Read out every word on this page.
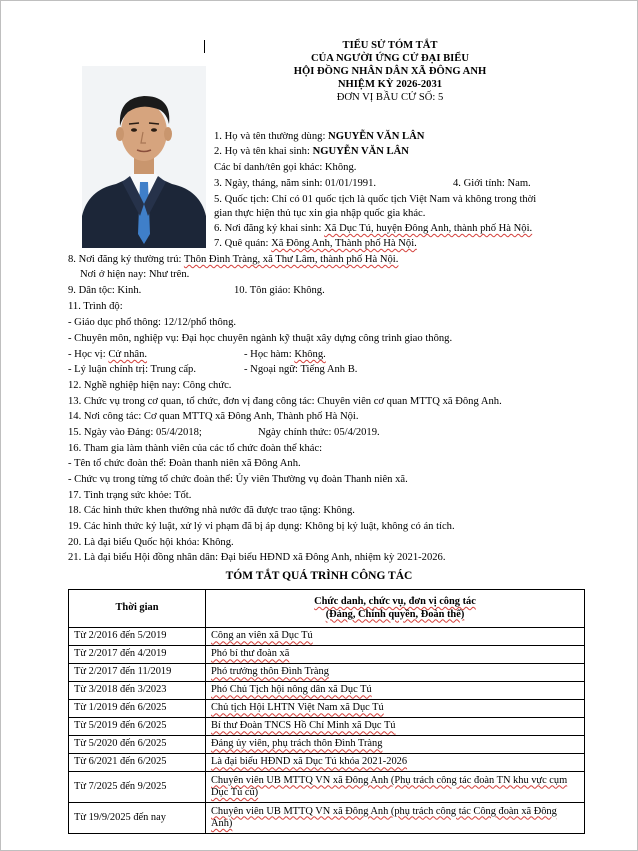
TIỂU SỬ TÓM TẮT
CỦA NGƯỜI ỨNG CỬ ĐẠI BIỂU
HỘI ĐỒNG NHÂN DÂN XÃ ĐÔNG ANH
NHIỆM KỲ 2026-2031
ĐƠN VỊ BẦU CỬ SỐ: 5
1. Họ và tên thường dùng: NGUYỄN VĂN LÂN
2. Họ và tên khai sinh: NGUYỄN VĂN LÂN
Các bí danh/tên gọi khác: Không.
3. Ngày, tháng, năm sinh: 01/01/1991.	4. Giới tính: Nam.
5. Quốc tịch: Chỉ có 01 quốc tịch là quốc tịch Việt Nam và không trong thời
gian thực hiện thủ tục xin gia nhập quốc gia khác.
6. Nơi đăng ký khai sinh: Xã Dục Tú, huyện Đông Anh, thành phố Hà Nội.
7. Quê quán: Xã Đông Anh, Thành phố Hà Nội.
8. Nơi đăng ký thường trú: Thôn Đình Tràng, xã Thư Lâm, thành phố Hà Nội.
Nơi ở hiện nay: Như trên.
9. Dân tộc: Kinh.	10. Tôn giáo: Không.
11. Trình độ:
- Giáo dục phổ thông: 12/12/phổ thông.
- Chuyên môn, nghiệp vụ: Đại học chuyên ngành kỹ thuật xây dựng công trình giao thông.
- Học vị: Cử nhân.	- Học hàm: Không.
- Lý luận chính trị: Trung cấp.	- Ngoại ngữ: Tiếng Anh B.
12. Nghề nghiệp hiện nay: Công chức.
13. Chức vụ trong cơ quan, tổ chức, đơn vị đang công tác: Chuyên viên cơ quan MTTQ xã Đông Anh.
14. Nơi công tác: Cơ quan MTTQ xã Đông Anh, Thành phố Hà Nội.
15. Ngày vào Đảng: 05/4/2018;	Ngày chính thức: 05/4/2019.
16. Tham gia làm thành viên của các tổ chức đoàn thể khác:
- Tên tổ chức đoàn thể: Đoàn thanh niên xã Đông Anh.
- Chức vụ trong từng tổ chức đoàn thể: Ủy viên Thường vụ đoàn Thanh niên xã.
17. Tình trạng sức khỏe: Tốt.
18. Các hình thức khen thưởng nhà nước đã được trao tặng: Không.
19. Các hình thức kỷ luật, xử lý vi phạm đã bị áp dụng: Không bị kỷ luật, không có án tích.
20. Là đại biểu Quốc hội khóa: Không.
21. Là đại biểu Hội đồng nhân dân: Đại biểu HĐND xã Đông Anh, nhiệm kỳ 2021-2026.
TÓM TẮT QUÁ TRÌNH CÔNG TÁC
Thời gian	Chức danh, chức vụ, đơn vị công tác
(Đảng, Chính quyền, Đoàn thể)
Từ 2/2016 đến 5/2019	Công an viên xã Dục Tú
Từ 2/2017 đến 4/2019	Phó bí thư đoàn xã
Từ 2/2017 đến 11/2019	Phó trưởng thôn Đình Tràng
Từ 3/2018 đến 3/2023	Phó Chủ Tịch hội nông dân xã Dục Tú
Từ 1/2019 đến 6/2025	Chủ tịch Hội LHTN Việt Nam xã Dục Tú
Từ 5/2019 đến 6/2025	Bí thư Đoàn TNCS Hồ Chí Minh xã Dục Tú
Từ 5/2020 đến 6/2025	Đảng ủy viên, phụ trách thôn Đình Tràng
Từ 6/2021 đến 6/2025	Là đại biểu HĐND xã Dục Tú khóa 2021-2026
Từ 7/2025 đến 9/2025	Chuyên viên UB MTTQ VN xã Đông Anh (Phụ trách công tác đoàn TN khu vực cụm Dục Tú cũ)
Từ 19/9/2025 đến nay	Chuyên viên UB MTTQ VN xã Đông Anh (phụ trách công tác Công đoàn xã Đông Anh)
